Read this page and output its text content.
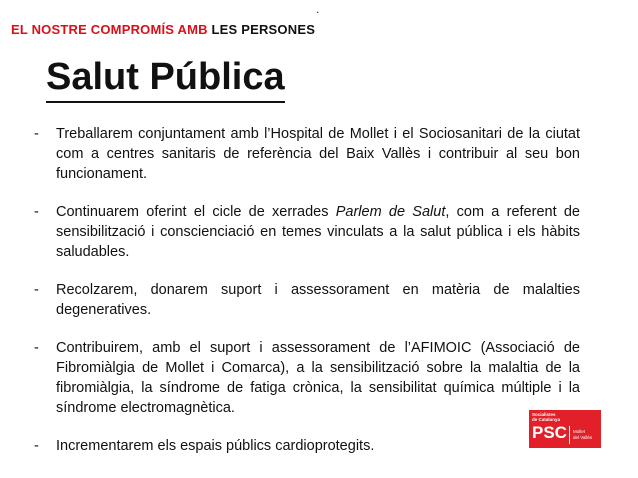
.
EL NOSTRE COMPROMÍS AMB LES PERSONES
Salut Pública
-	Treballarem conjuntament amb l’Hospital de Mollet i el Sociosanitari de la ciutat com a centres sanitaris de referència del Baix Vallès i contribuir al seu bon funcionament.
-	Continuarem oferint el cicle de xerrades Parlem de Salut, com a referent de sensibilització i conscienciació en temes vinculats a la salut pública i els hàbits saludables.
-	Recolzarem, donarem suport i assessorament en matèria de malalties degeneratives.
-	Contribuirem, amb el suport i assessorament de l’AFIMOIC (Associació de Fibromiàlgia de Mollet i Comarca), a la sensibilització sobre la malaltia de la fibromiàlgia, la síndrome de fatiga crònica, la sensibilitat química múltiple i la síndrome electromagnètica.
-	Incrementarem els espais públics cardioprotegits.
Socialistes
de Catalunya
PSC	Mollet
del Vallès
